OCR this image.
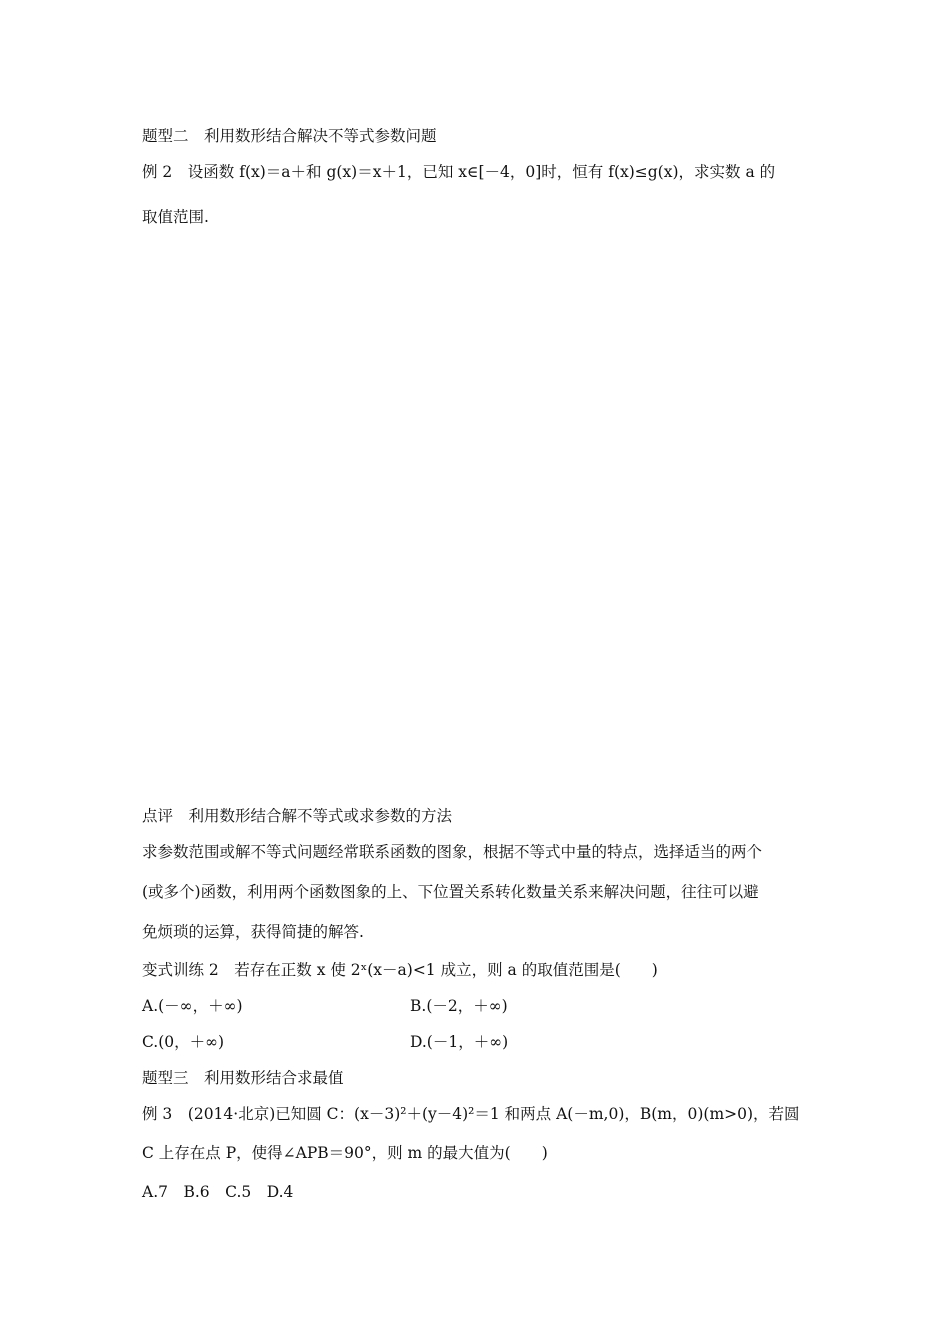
题型二　利用数形结合解决不等式参数问题
例 2　设函数 f(x)＝a＋和 g(x)＝x＋1，已知 x∈[－4，0]时，恒有 f(x)≤g(x)，求实数 a 的
取值范围.
点评　利用数形结合解不等式或求参数的方法
求参数范围或解不等式问题经常联系函数的图象，根据不等式中量的特点，选择适当的两个
(或多个)函数，利用两个函数图象的上、下位置关系转化数量关系来解决问题，往往可以避
免烦琐的运算，获得简捷的解答.
变式训练 2　若存在正数 x 使 2ˣ(x－a)<1 成立，则 a 的取值范围是(　　)
A.(－∞，＋∞)	B.(－2，＋∞)
C.(0，＋∞)	D.(－1，＋∞)
题型三　利用数形结合求最值
例 3　(2014·北京)已知圆 C：(x－3)²＋(y－4)²＝1 和两点 A(－m,0)，B(m，0)(m>0)，若圆
C 上存在点 P，使得∠APB＝90°，则 m 的最大值为(　　)
A.7　B.6　C.5　D.4
